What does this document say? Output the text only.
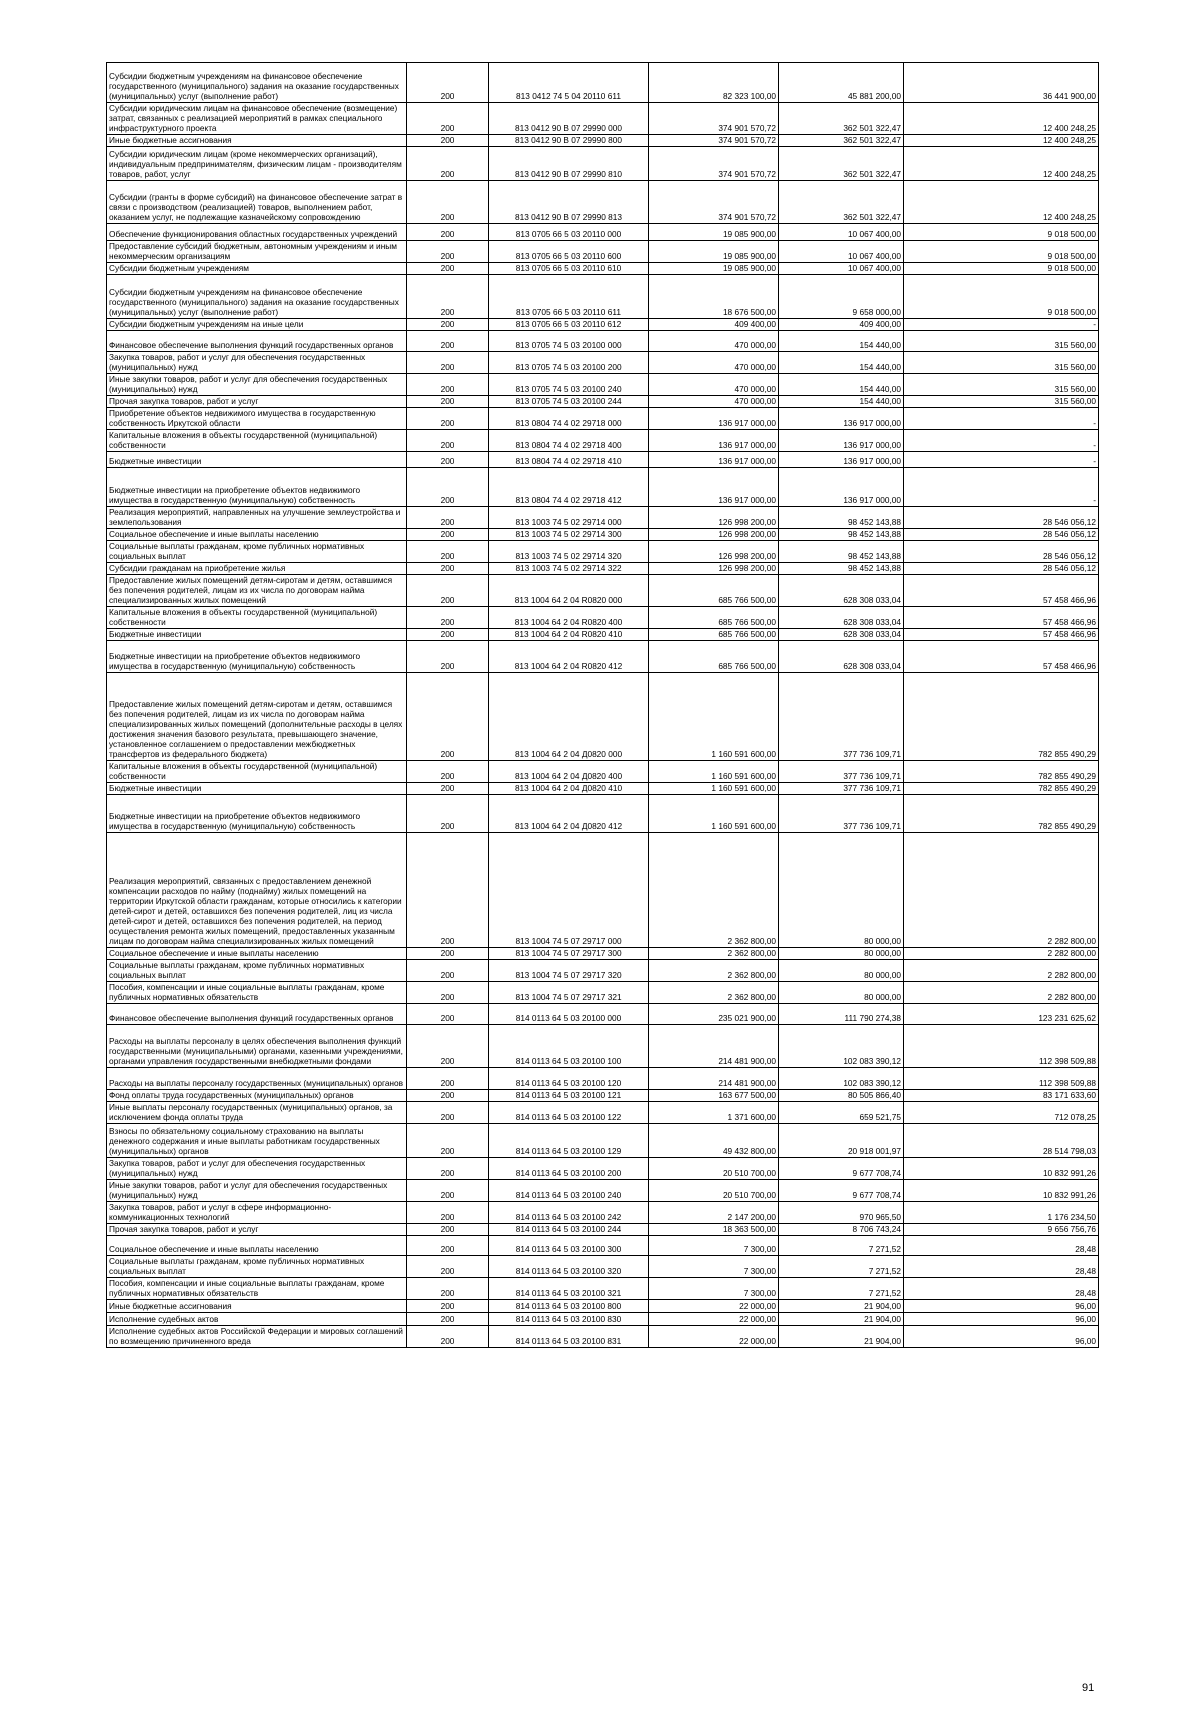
Субсидии бюджетным учреждениям на финансовое обеспечение государственного (муниципального) задания на оказание государственных (муниципальных) услуг (выполнение работ)	200	813 0412 74 5 04 20110 611	82 323 100,00	45 881 200,00	36 441 900,00
Субсидии юридическим лицам на финансовое обеспечение (возмещение) затрат, связанных с реализацией мероприятий в рамках специального инфраструктурного проекта	200	813 0412 90 В 07 29990 000	374 901 570,72	362 501 322,47	12 400 248,25
Иные бюджетные ассигнования	200	813 0412 90 В 07 29990 800	374 901 570,72	362 501 322,47	12 400 248,25
Субсидии юридическим лицам (кроме некоммерческих организаций), индивидуальным предпринимателям, физическим лицам - производителям товаров, работ, услуг	200	813 0412 90 В 07 29990 810	374 901 570,72	362 501 322,47	12 400 248,25
Субсидии (гранты в форме субсидий) на финансовое обеспечение затрат в связи с производством (реализацией) товаров, выполнением работ, оказанием услуг, не подлежащие казначейскому сопровождению	200	813 0412 90 В 07 29990 813	374 901 570,72	362 501 322,47	12 400 248,25
Обеспечение функционирования областных государственных учреждений	200	813 0705 66 5 03 20110 000	19 085 900,00	10 067 400,00	9 018 500,00
Предоставление субсидий бюджетным, автономным учреждениям и иным некоммерческим организациям	200	813 0705 66 5 03 20110 600	19 085 900,00	10 067 400,00	9 018 500,00
Субсидии бюджетным учреждениям	200	813 0705 66 5 03 20110 610	19 085 900,00	10 067 400,00	9 018 500,00
Субсидии бюджетным учреждениям на финансовое обеспечение государственного (муниципального) задания на оказание государственных (муниципальных) услуг (выполнение работ)	200	813 0705 66 5 03 20110 611	18 676 500,00	9 658 000,00	9 018 500,00
Субсидии бюджетным учреждениям на иные цели	200	813 0705 66 5 03 20110 612	409 400,00	409 400,00	-
Финансовое обеспечение выполнения функций государственных органов	200	813 0705 74 5 03 20100 000	470 000,00	154 440,00	315 560,00
Закупка товаров, работ и услуг для обеспечения государственных (муниципальных) нужд	200	813 0705 74 5 03 20100 200	470 000,00	154 440,00	315 560,00
Иные закупки товаров, работ и услуг для обеспечения государственных (муниципальных) нужд	200	813 0705 74 5 03 20100 240	470 000,00	154 440,00	315 560,00
Прочая закупка товаров, работ и услуг	200	813 0705 74 5 03 20100 244	470 000,00	154 440,00	315 560,00
Приобретение объектов недвижимого имущества в государственную собственность Иркутской области	200	813 0804 74 4 02 29718 000	136 917 000,00	136 917 000,00	-
Капитальные вложения в объекты государственной (муниципальной) собственности	200	813 0804 74 4 02 29718 400	136 917 000,00	136 917 000,00	-
Бюджетные инвестиции	200	813 0804 74 4 02 29718 410	136 917 000,00	136 917 000,00	-
Бюджетные инвестиции на приобретение объектов недвижимого имущества в государственную (муниципальную) собственность	200	813 0804 74 4 02 29718 412	136 917 000,00	136 917 000,00	-
Реализация мероприятий, направленных на улучшение землеустройства и землепользования	200	813 1003 74 5 02 29714 000	126 998 200,00	98 452 143,88	28 546 056,12
Социальное обеспечение и иные выплаты населению	200	813 1003 74 5 02 29714 300	126 998 200,00	98 452 143,88	28 546 056,12
Социальные выплаты гражданам, кроме публичных нормативных социальных выплат	200	813 1003 74 5 02 29714 320	126 998 200,00	98 452 143,88	28 546 056,12
Субсидии гражданам на приобретение жилья	200	813 1003 74 5 02 29714 322	126 998 200,00	98 452 143,88	28 546 056,12
Предоставление жилых помещений детям-сиротам и детям, оставшимся без попечения родителей, лицам из их числа по договорам найма специализированных жилых помещений	200	813 1004 64 2 04 R0820 000	685 766 500,00	628 308 033,04	57 458 466,96
Капитальные вложения в объекты государственной (муниципальной) собственности	200	813 1004 64 2 04 R0820 400	685 766 500,00	628 308 033,04	57 458 466,96
Бюджетные инвестиции	200	813 1004 64 2 04 R0820 410	685 766 500,00	628 308 033,04	57 458 466,96
Бюджетные инвестиции на приобретение объектов недвижимого имущества в государственную (муниципальную) собственность	200	813 1004 64 2 04 R0820 412	685 766 500,00	628 308 033,04	57 458 466,96
Предоставление жилых помещений детям-сиротам и детям, оставшимся без попечения родителей, лицам из их числа по договорам найма специализированных жилых помещений (дополнительные расходы в целях достижения значения базового результата, превышающего значение, установленное соглашением о предоставлении межбюджетных трансфертов из федерального бюджета)	200	813 1004 64 2 04 Д0820 000	1 160 591 600,00	377 736 109,71	782 855 490,29
Капитальные вложения в объекты государственной (муниципальной) собственности	200	813 1004 64 2 04 Д0820 400	1 160 591 600,00	377 736 109,71	782 855 490,29
Бюджетные инвестиции	200	813 1004 64 2 04 Д0820 410	1 160 591 600,00	377 736 109,71	782 855 490,29
Бюджетные инвестиции на приобретение объектов недвижимого имущества в государственную (муниципальную) собственность	200	813 1004 64 2 04 Д0820 412	1 160 591 600,00	377 736 109,71	782 855 490,29
Реализация мероприятий, связанных с предоставлением денежной компенсации расходов по найму (поднайму) жилых помещений на территории Иркутской области гражданам, которые относились к категории детей-сирот и детей, оставшихся без попечения родителей, лиц из числа детей-сирот и детей, оставшихся без попечения родителей, на период осуществления ремонта жилых помещений, предоставленных указанным лицам по договорам найма специализированных жилых помещений	200	813 1004 74 5 07 29717 000	2 362 800,00	80 000,00	2 282 800,00
Социальное обеспечение и иные выплаты населению	200	813 1004 74 5 07 29717 300	2 362 800,00	80 000,00	2 282 800,00
Социальные выплаты гражданам, кроме публичных нормативных социальных выплат	200	813 1004 74 5 07 29717 320	2 362 800,00	80 000,00	2 282 800,00
Пособия, компенсации и иные социальные выплаты гражданам, кроме публичных нормативных обязательств	200	813 1004 74 5 07 29717 321	2 362 800,00	80 000,00	2 282 800,00
Финансовое обеспечение выполнения функций государственных органов	200	814 0113 64 5 03 20100 000	235 021 900,00	111 790 274,38	123 231 625,62
Расходы на выплаты персоналу в целях обеспечения выполнения функций государственными (муниципальными) органами, казенными учреждениями, органами управления государственными внебюджетными фондами	200	814 0113 64 5 03 20100 100	214 481 900,00	102 083 390,12	112 398 509,88
Расходы на выплаты персоналу государственных (муниципальных) органов	200	814 0113 64 5 03 20100 120	214 481 900,00	102 083 390,12	112 398 509,88
Фонд оплаты труда государственных (муниципальных) органов	200	814 0113 64 5 03 20100 121	163 677 500,00	80 505 866,40	83 171 633,60
Иные выплаты персоналу государственных (муниципальных) органов, за исключением фонда оплаты труда	200	814 0113 64 5 03 20100 122	1 371 600,00	659 521,75	712 078,25
Взносы по обязательному социальному страхованию на выплаты денежного содержания и иные выплаты работникам государственных (муниципальных) органов	200	814 0113 64 5 03 20100 129	49 432 800,00	20 918 001,97	28 514 798,03
Закупка товаров, работ и услуг для обеспечения государственных (муниципальных) нужд	200	814 0113 64 5 03 20100 200	20 510 700,00	9 677 708,74	10 832 991,26
Иные закупки товаров, работ и услуг для обеспечения государственных (муниципальных) нужд	200	814 0113 64 5 03 20100 240	20 510 700,00	9 677 708,74	10 832 991,26
Закупка товаров, работ и услуг в сфере информационно-коммуникационных технологий	200	814 0113 64 5 03 20100 242	2 147 200,00	970 965,50	1 176 234,50
Прочая закупка товаров, работ и услуг	200	814 0113 64 5 03 20100 244	18 363 500,00	8 706 743,24	9 656 756,76
Социальное обеспечение и иные выплаты населению	200	814 0113 64 5 03 20100 300	7 300,00	7 271,52	28,48
Социальные выплаты гражданам, кроме публичных нормативных социальных выплат	200	814 0113 64 5 03 20100 320	7 300,00	7 271,52	28,48
Пособия, компенсации и иные социальные выплаты гражданам, кроме публичных нормативных обязательств	200	814 0113 64 5 03 20100 321	7 300,00	7 271,52	28,48
Иные бюджетные ассигнования	200	814 0113 64 5 03 20100 800	22 000,00	21 904,00	96,00
Исполнение судебных актов	200	814 0113 64 5 03 20100 830	22 000,00	21 904,00	96,00
Исполнение судебных актов Российской Федерации и мировых соглашений по возмещению причиненного вреда	200	814 0113 64 5 03 20100 831	22 000,00	21 904,00	96,00
91
